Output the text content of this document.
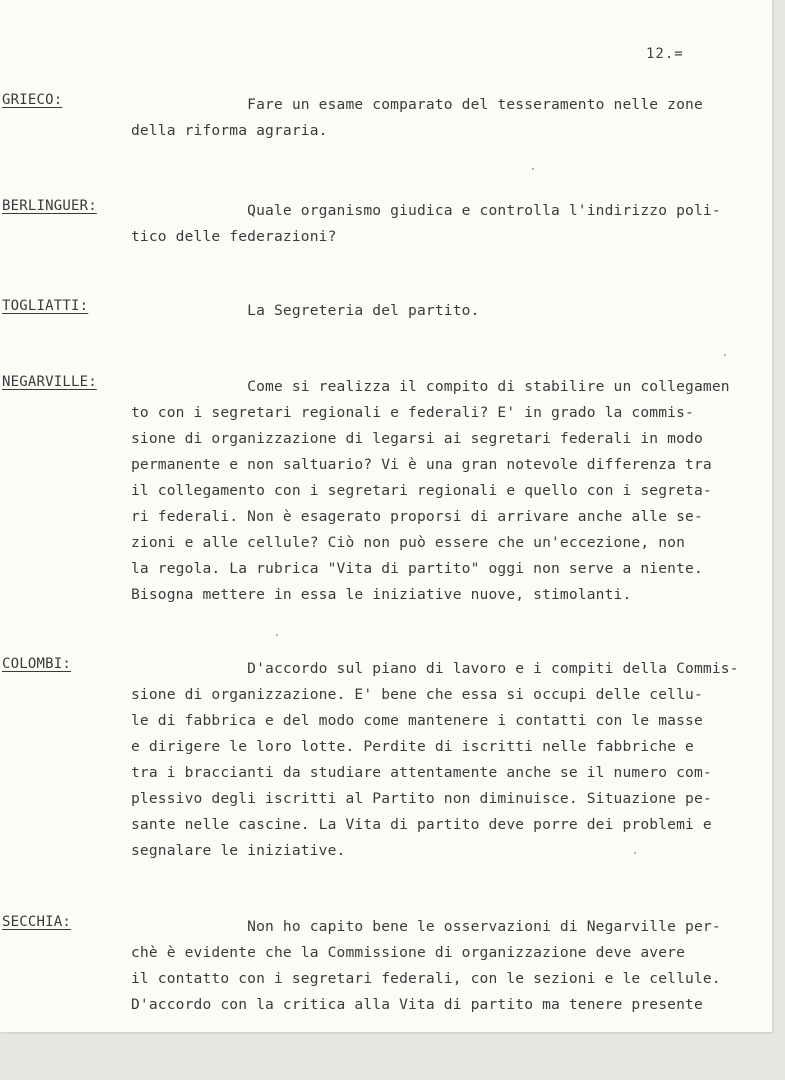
12.=
GRIECO:	Fare un esame comparato del tesseramento nelle zone
della riforma agraria.
BERLINGUER: Quale organismo giudica e controlla l'indirizzo poli-
tico delle federazioni?
TOGLIATTI:	La Segreteria del partito.
NEGARVILLE: Come si realizza il compito di stabilire un collegamen
to con i segretari regionali e federali? E' in grado la commis-
sione di organizzazione di legarsi ai segretari federali in modo
permanente e non saltuario? Vi è una gran notevole differenza tra
il collegamento con i segretari regionali e quello con i segreta-
ri federali. Non è esagerato proporsi di arrivare anche alle se-
zioni e alle cellule? Ciò non può essere che un'eccezione, non
la regola. La rubrica "Vita di partito" oggi non serve a niente.
Bisogna mettere in essa le iniziative nuove, stimolanti.
COLOMBI:	D'accordo sul piano di lavoro e i compiti della Commis-
sione di organizzazione. E' bene che essa si occupi delle cellu-
le di fabbrica e del modo come mantenere i contatti con le masse
e dirigere le loro lotte. Perdite di iscritti nelle fabbriche e
tra i braccianti da studiare attentamente anche se il numero com-
plessivo degli iscritti al Partito non diminuisce. Situazione pe-
sante nelle cascine. La Vita di partito deve porre dei problemi e
segnalare le iniziative.
SECCHIA:	Non ho capito bene le osservazioni di Negarville per-
chè è evidente che la Commissione di organizzazione deve avere
il contatto con i segretari federali, con le sezioni e le cellule.
D'accordo con la critica alla Vita di partito ma tenere presente
